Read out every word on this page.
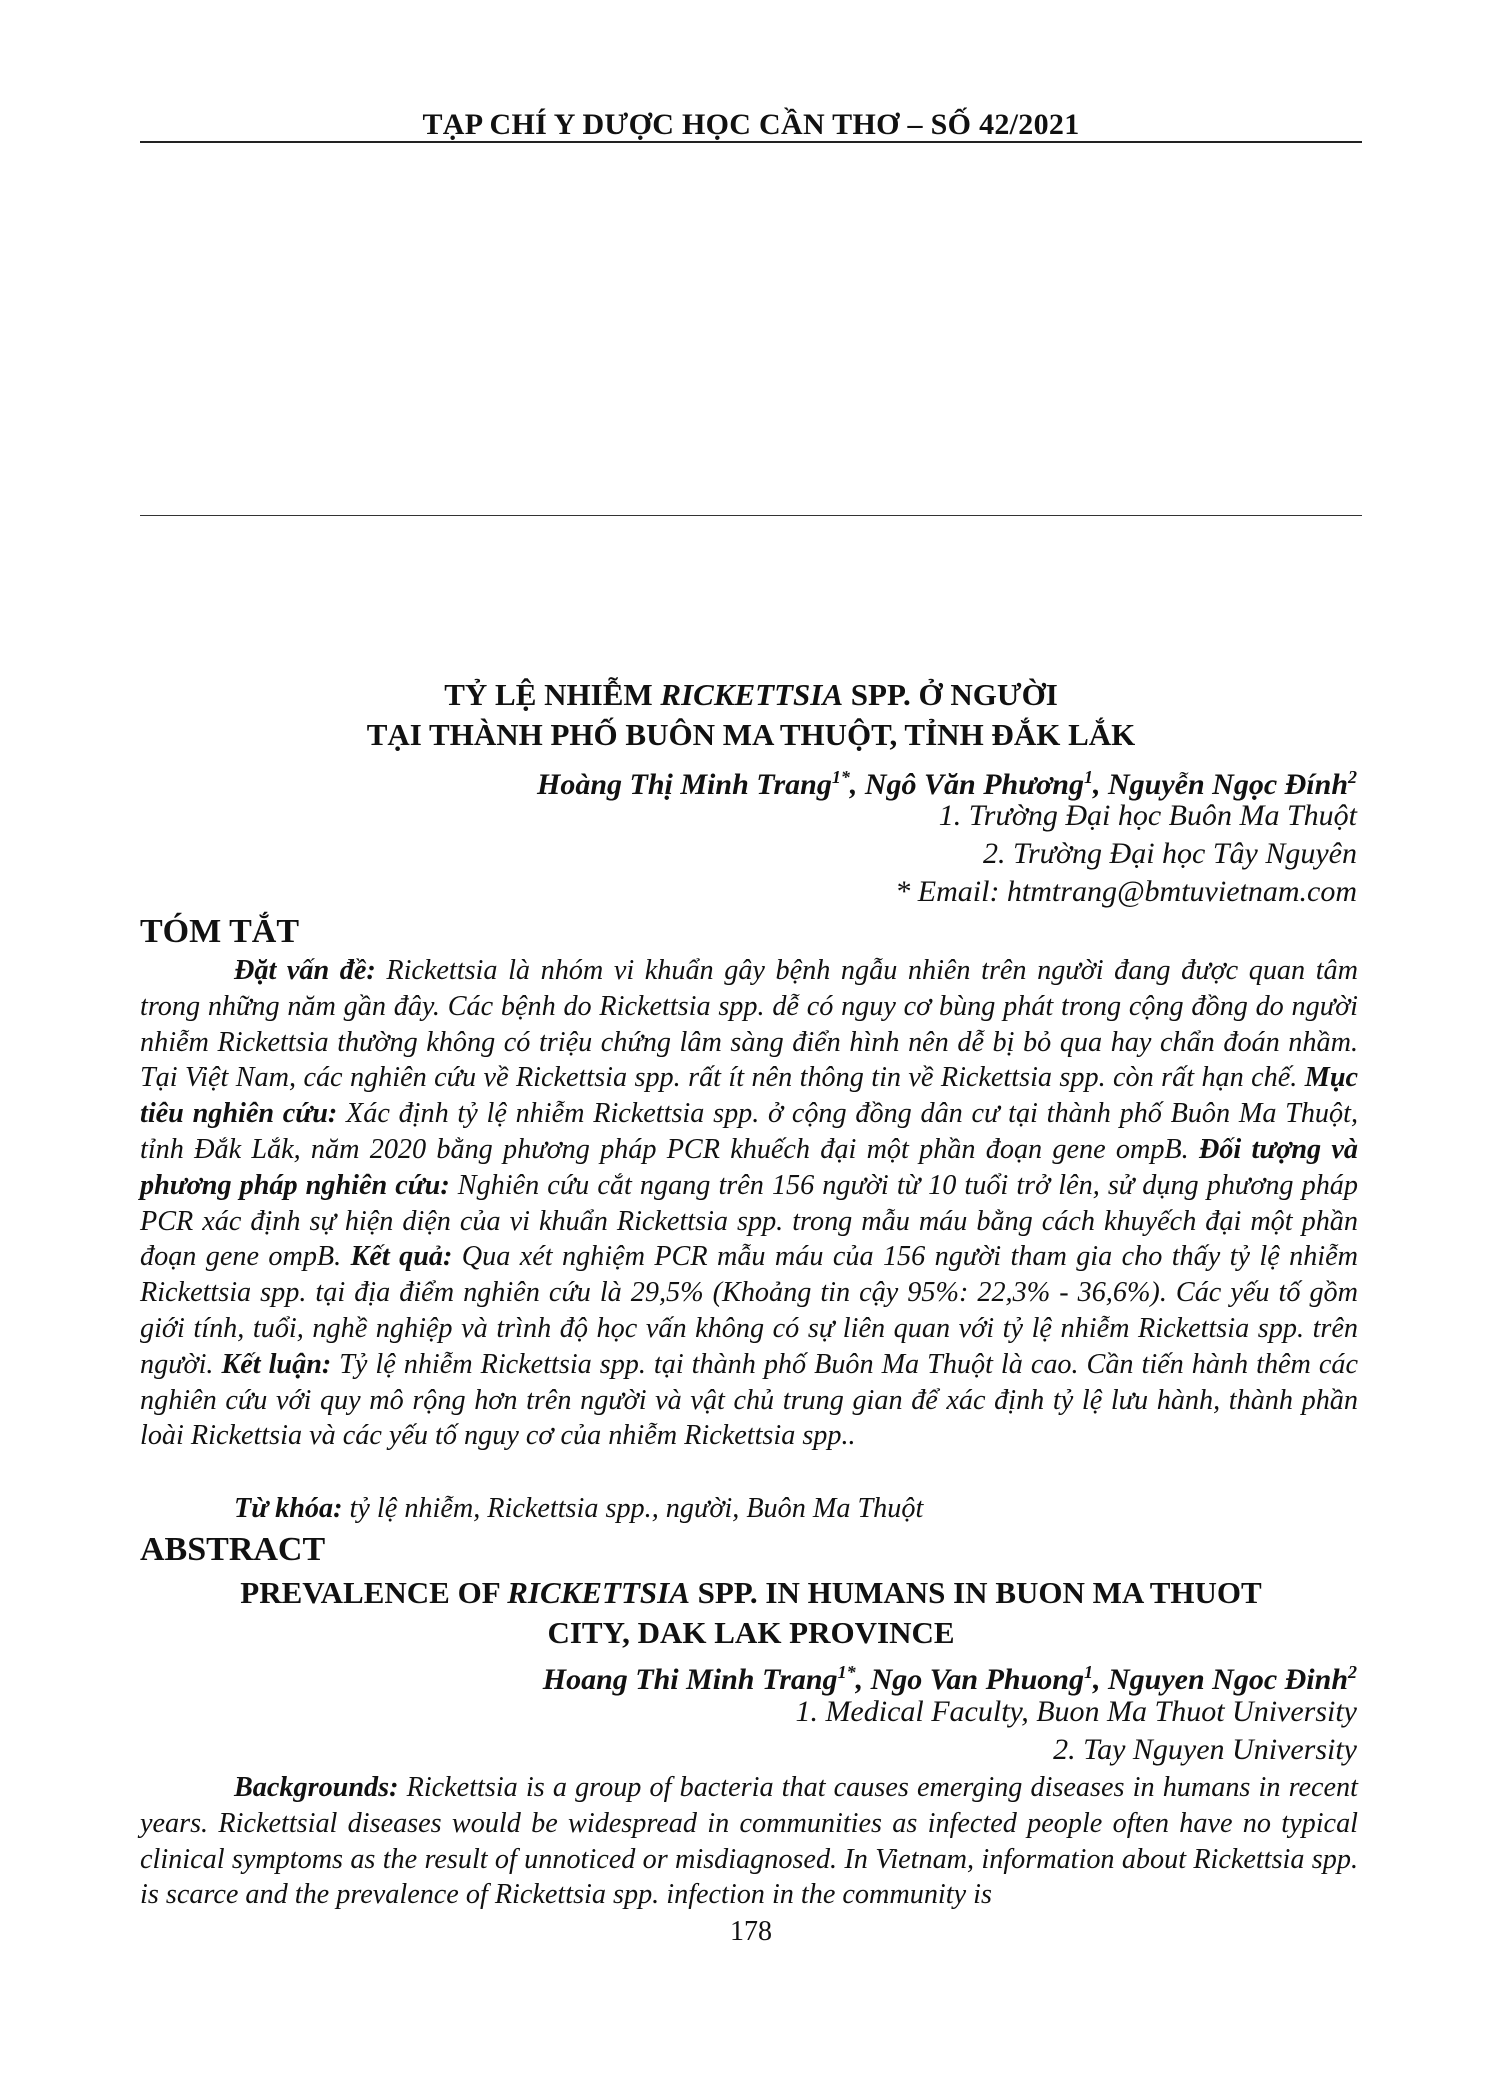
TẠP CHÍ Y DƯỢC HỌC CẦN THƠ – SỐ 42/2021
TỶ LỆ NHIỄM RICKETTSIA SPP. Ở NGƯỜI
TẠI THÀNH PHỐ BUÔN MA THUỘT, TỈNH ĐẮK LẮK
Hoàng Thị Minh Trang$^{1*}$, Ngô Văn Phương$^1$, Nguyễn Ngọc Đính$^2$
1. Trường Đại học Buôn Ma Thuột
2. Trường Đại học Tây Nguyên
* Email: htmtrang@bmtuvietnam.com
TÓM TẮT

Đặt vấn đề: Rickettsia là nhóm vi khuẩn gây bệnh ngẫu nhiên trên người đang được quan tâm trong những năm gần đây. Các bệnh do Rickettsia spp. dễ có nguy cơ bùng phát trong cộng đồng do người nhiễm Rickettsia thường không có triệu chứng lâm sàng điển hình nên dễ bị bỏ qua hay chẩn đoán nhầm. Tại Việt Nam, các nghiên cứu về Rickettsia spp. rất ít nên thông tin về Rickettsia spp. còn rất hạn chế. Mục tiêu nghiên cứu: Xác định tỷ lệ nhiễm Rickettsia spp. ở cộng đồng dân cư tại thành phố Buôn Ma Thuột, tỉnh Đắk Lắk, năm 2020 bằng phương pháp PCR khuếch đại một phần đoạn gene ompB. Đối tượng và phương pháp nghiên cứu: Nghiên cứu cắt ngang trên 156 người từ 10 tuổi trở lên, sử dụng phương pháp PCR xác định sự hiện diện của vi khuẩn Rickettsia spp. trong mẫu máu bằng cách khuyếch đại một phần đoạn gene ompB. Kết quả: Qua xét nghiệm PCR mẫu máu của 156 người tham gia cho thấy tỷ lệ nhiễm Rickettsia spp. tại địa điểm nghiên cứu là 29,5% (Khoảng tin cậy 95%: 22,3% - 36,6%). Các yếu tố gồm giới tính, tuổi, nghề nghiệp và trình độ học vấn không có sự liên quan với tỷ lệ nhiễm Rickettsia spp. trên người. Kết luận: Tỷ lệ nhiễm Rickettsia spp. tại thành phố Buôn Ma Thuột là cao. Cần tiến hành thêm các nghiên cứu với quy mô rộng hơn trên người và vật chủ trung gian để xác định tỷ lệ lưu hành, thành phần loài Rickettsia và các yếu tố nguy cơ của nhiễm Rickettsia spp..

Từ khóa: tỷ lệ nhiễm, Rickettsia spp., người, Buôn Ma Thuột

ABSTRACT
PREVALENCE OF RICKETTSIA SPP. IN HUMANS IN BUON MA THUOT
CITY, DAK LAK PROVINCE
Hoang Thi Minh Trang$^{1*}$, Ngo Van Phuong$^1$, Nguyen Ngoc Đinh$^2$
1. Medical Faculty, Buon Ma Thuot University
2. Tay Nguyen University

Backgrounds: Rickettsia is a group of bacteria that causes emerging diseases in humans in recent years. Rickettsial diseases would be widespread in communities as infected people often have no typical clinical symptoms as the result of unnoticed or misdiagnosed. In Vietnam, information about Rickettsia spp. is scarce and the prevalence of Rickettsia spp. infection in the community is

178
